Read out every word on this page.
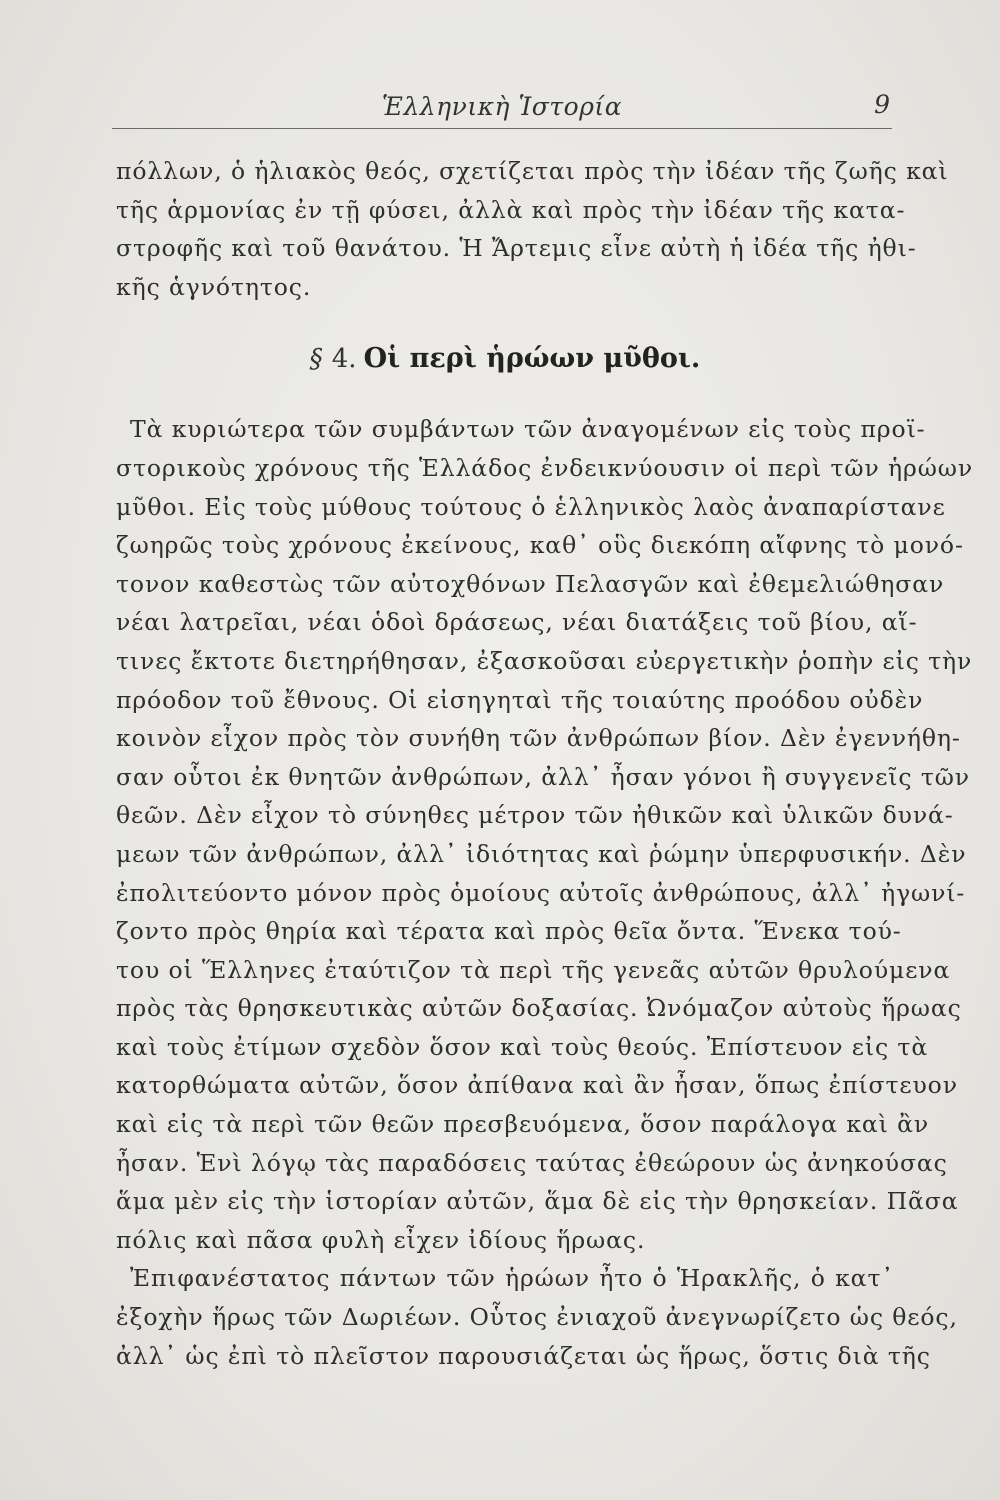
Ἑλληνικὴ Ἱστορία	9
πόλλων, ὁ ἡλιακὸς θεός, σχετίζεται πρὸς τὴν ἰδέαν τῆς ζωῆς καὶ
τῆς ἁρμονίας ἐν τῇ φύσει, ἀλλὰ καὶ πρὸς τὴν ἰδέαν τῆς κατα-
στροφῆς καὶ τοῦ θανάτου. Ἡ Ἄρτεμις εἶνε αὐτὴ ἡ ἰδέα τῆς ἠθι-
κῆς ἁγνότητος.
§ 4. Οἱ περὶ ἡρώων μῦθοι.
Τὰ κυριώτερα τῶν συμβάντων τῶν ἀναγομένων εἰς τοὺς προϊ-
στορικοὺς χρόνους τῆς Ἑλλάδος ἐνδεικνύουσιν οἱ περὶ τῶν ἡρώων
μῦθοι. Εἰς τοὺς μύθους τούτους ὁ ἑλληνικὸς λαὸς ἀναπαρίστανε
ζωηρῶς τοὺς χρόνους ἐκείνους, καθ᾿ οὓς διεκόπη αἴφνης τὸ μονό-
τονον καθεστὼς τῶν αὐτοχθόνων Πελασγῶν καὶ ἐθεμελιώθησαν
νέαι λατρεῖαι, νέαι ὁδοὶ δράσεως, νέαι διατάξεις τοῦ βίου, αἵ-
τινες ἔκτοτε διετηρήθησαν, ἐξασκοῦσαι εὐεργετικὴν ῥοπὴν εἰς τὴν
πρόοδον τοῦ ἔθνους. Οἱ εἰσηγηταὶ τῆς τοιαύτης προόδου οὐδὲν
κοινὸν εἶχον πρὸς τὸν συνήθη τῶν ἀνθρώπων βίον. Δὲν ἐγεννήθη-
σαν οὗτοι ἐκ θνητῶν ἀνθρώπων, ἀλλ᾿ ἦσαν γόνοι ἢ συγγενεῖς τῶν
θεῶν. Δὲν εἶχον τὸ σύνηθες μέτρον τῶν ἠθικῶν καὶ ὑλικῶν δυνά-
μεων τῶν ἀνθρώπων, ἀλλ᾿ ἰδιότητας καὶ ῥώμην ὑπερφυσικήν. Δὲν
ἐπολιτεύοντο μόνον πρὸς ὁμοίους αὐτοῖς ἀνθρώπους, ἀλλ᾿ ἠγωνί-
ζοντο πρὸς θηρία καὶ τέρατα καὶ πρὸς θεῖα ὄντα. Ἕνεκα τού-
του οἱ Ἕλληνες ἐταύτιζον τὰ περὶ τῆς γενεᾶς αὐτῶν θρυλούμενα
πρὸς τὰς θρησκευτικὰς αὐτῶν δοξασίας. Ὠνόμαζον αὐτοὺς ἥρωας
καὶ τοὺς ἐτίμων σχεδὸν ὅσον καὶ τοὺς θεούς. Ἐπίστευον εἰς τὰ
κατορθώματα αὐτῶν, ὅσον ἀπίθανα καὶ ἂν ἦσαν, ὅπως ἐπίστευον
καὶ εἰς τὰ περὶ τῶν θεῶν πρεσβευόμενα, ὅσον παράλογα καὶ ἂν
ἦσαν. Ἑνὶ λόγῳ τὰς παραδόσεις ταύτας ἐθεώρουν ὡς ἀνηκούσας
ἅμα μὲν εἰς τὴν ἱστορίαν αὐτῶν, ἅμα δὲ εἰς τὴν θρησκείαν. Πᾶσα
πόλις καὶ πᾶσα φυλὴ εἶχεν ἰδίους ἥρωας.
Ἐπιφανέστατος πάντων τῶν ἡρώων ἦτο ὁ Ἡρακλῆς, ὁ κατ᾿
ἐξοχὴν ἥρως τῶν Δωριέων. Οὗτος ἐνιαχοῦ ἀνεγνωρίζετο ὡς θεός,
ἀλλ᾿ ὡς ἐπὶ τὸ πλεῖστον παρουσιάζεται ὡς ἥρως, ὅστις διὰ τῆς
